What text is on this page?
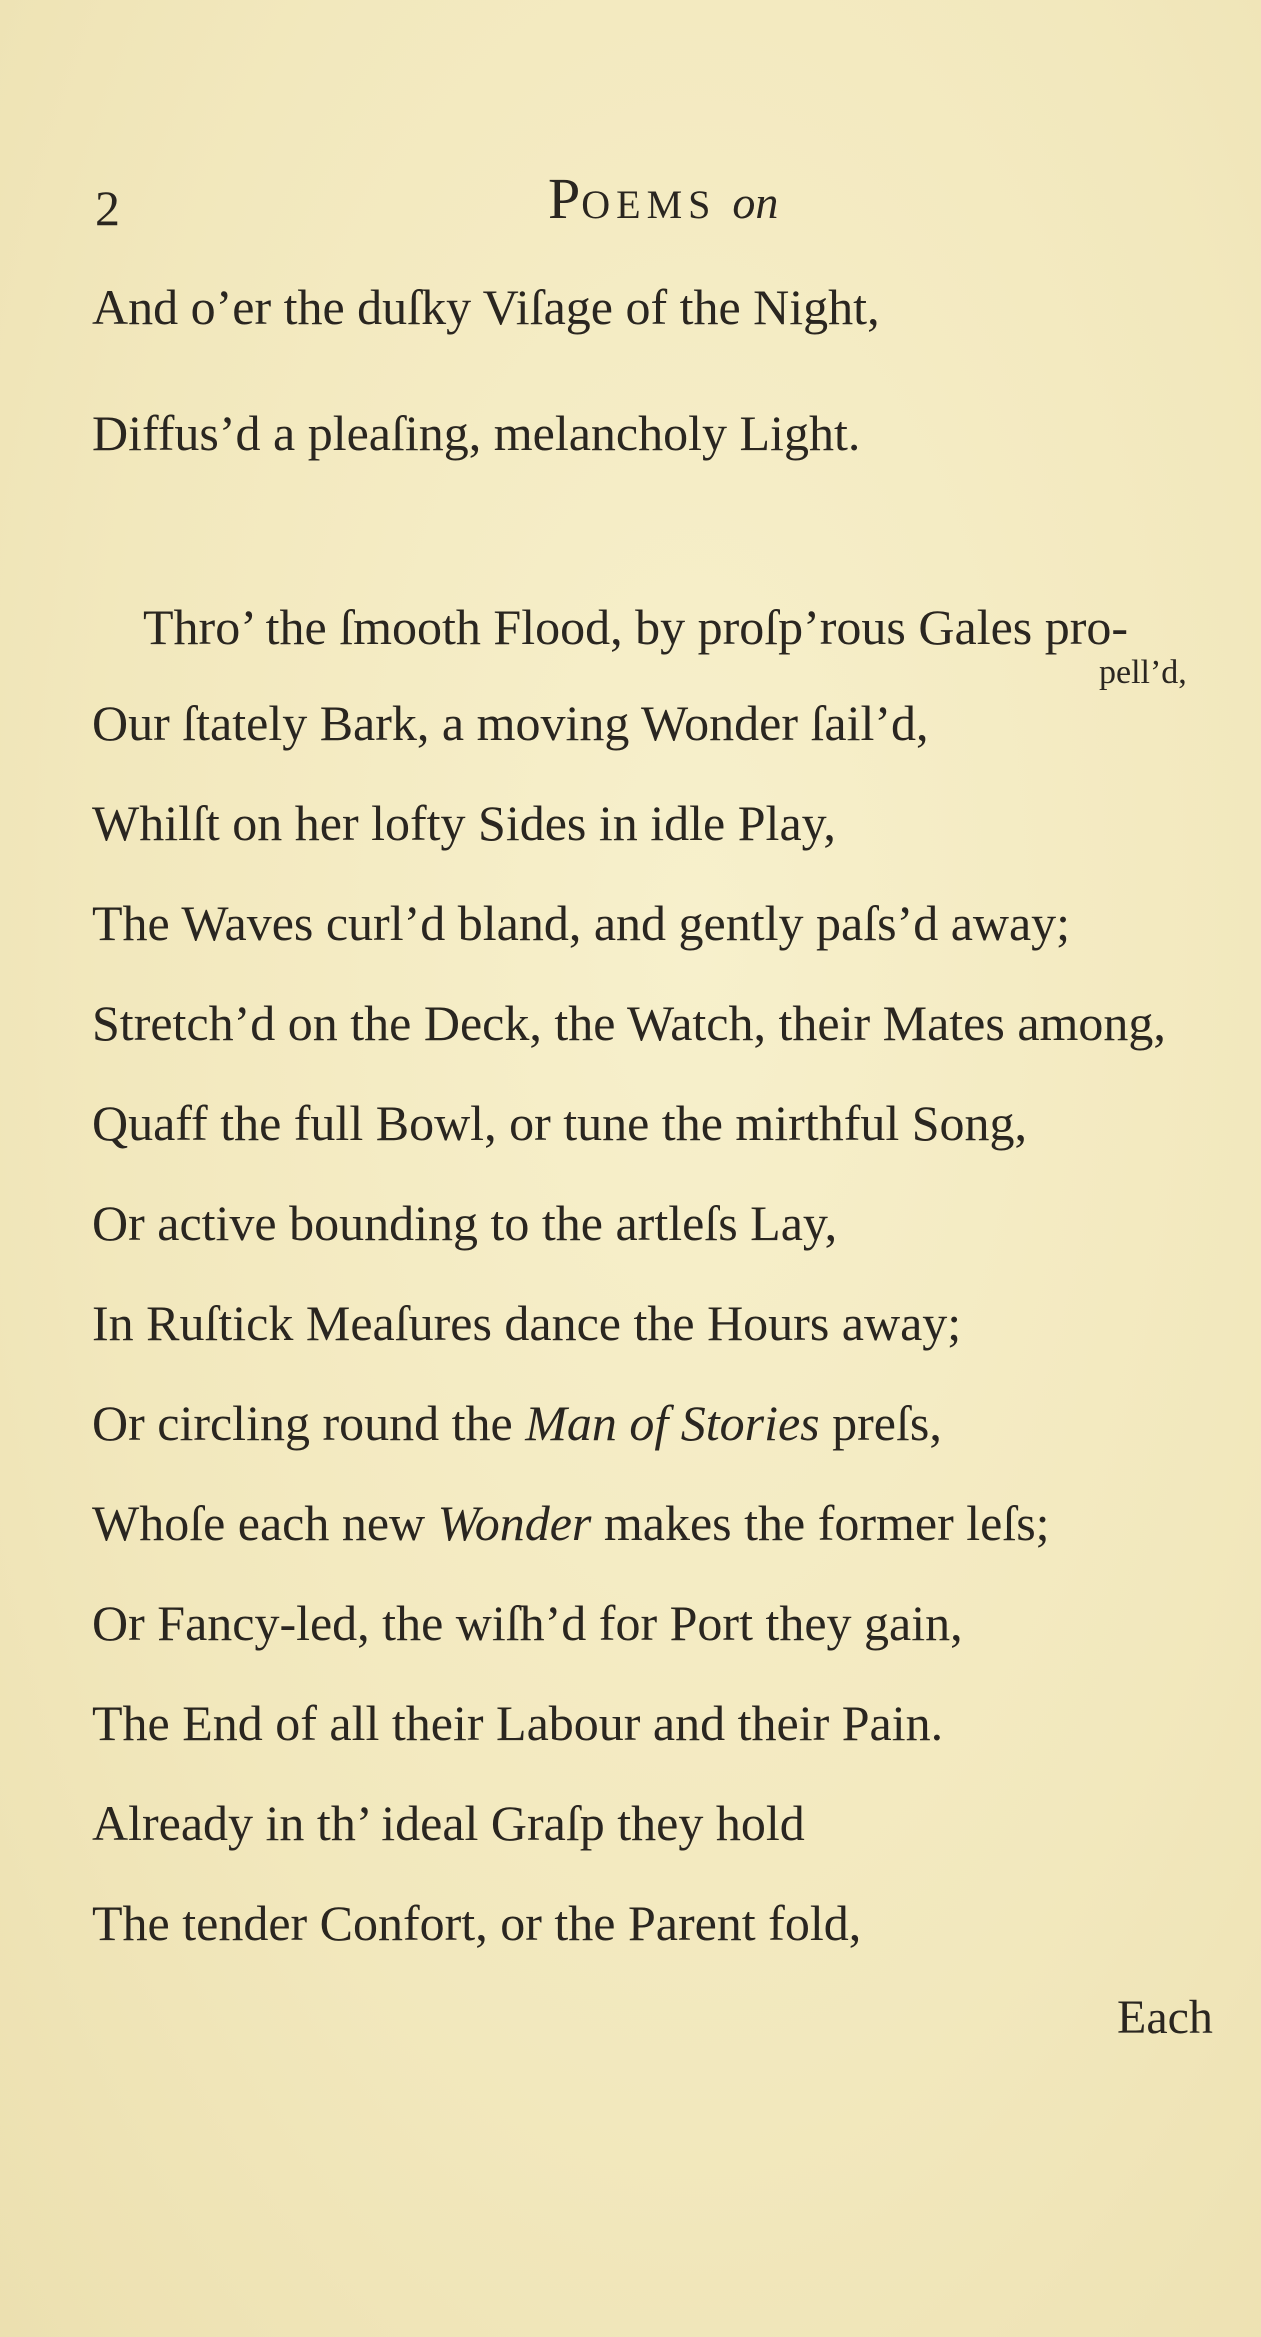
2	POEMS on
And o’er the duſky Viſage of the Night,
Diffus’d a pleaſing, melancholy Light.
Thro’ the ſmooth Flood, by proſp’rous Gales pro-
pell’d,
Our ſtately Bark, a moving Wonder ſail’d,
Whilſt on her lofty Sides in idle Play,
The Waves curl’d bland, and gently paſs’d away;
Stretch’d on the Deck, the Watch, their Mates among,
Quaff the full Bowl, or tune the mirthful Song,
Or active bounding to the artleſs Lay,
In Ruſtick Meaſures dance the Hours away;
Or circling round the Man of Stories preſs,
Whoſe each new Wonder makes the former leſs;
Or Fancy-led, the wiſh’d for Port they gain,
The End of all their Labour and their Pain.
Already in th’ ideal Graſp they hold
The tender Confort, or the Parent fold,
Each
